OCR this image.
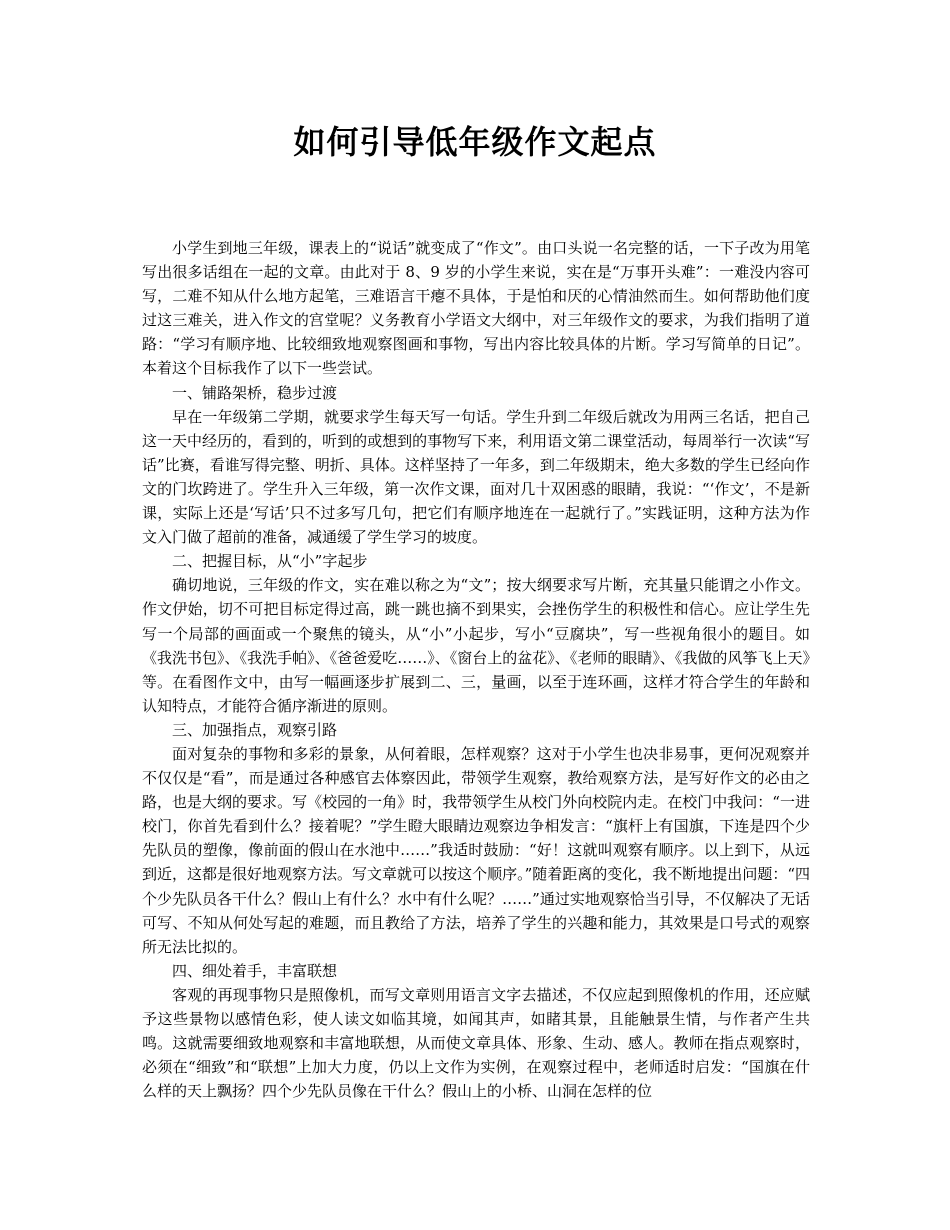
如何引导低年级作文起点

小学生到地三年级，课表上的“说话”就变成了“作文”。由口头说一名完整的话，一下子改为用笔写出很多话组在一起的文章。由此对于 8、9 岁的小学生来说，实在是“万事开头难”：一难没内容可写，二难不知从什么地方起笔，三难语言干瘪不具体，于是怕和厌的心情油然而生。如何帮助他们度过这三难关，进入作文的宫堂呢？义务教育小学语文大纲中，对三年级作文的要求，为我们指明了道路：“学习有顺序地、比较细致地观察图画和事物，写出内容比较具体的片断。学习写简单的日记”。本着这个目标我作了以下一些尝试。

一、铺路架桥，稳步过渡

早在一年级第二学期，就要求学生每天写一句话。学生升到二年级后就改为用两三名话，把自己这一天中经历的，看到的，听到的或想到的事物写下来，利用语文第二课堂活动，每周举行一次读“写话”比赛，看谁写得完整、明折、具体。这样坚持了一年多，到二年级期末，绝大多数的学生已经向作文的门坎跨进了。学生升入三年级，第一次作文课，面对几十双困惑的眼睛，我说：“‘作文’，不是新课，实际上还是‘写话’只不过多写几句，把它们有顺序地连在一起就行了。”实践证明，这种方法为作文入门做了超前的准备，减通缓了学生学习的坡度。

二、把握目标，从“小”字起步

确切地说，三年级的作文，实在难以称之为“文”；按大纲要求写片断，充其量只能谓之小作文。作文伊始，切不可把目标定得过高，跳一跳也摘不到果实，会挫伤学生的积极性和信心。应让学生先写一个局部的画面或一个聚焦的镜头，从“小”小起步，写小“豆腐块”，写一些视角很小的题目。如《我洗书包》、《我洗手帕》、《爸爸爱吃……》、《窗台上的盆花》、《老师的眼睛》、《我做的风筝飞上天》等。在看图作文中，由写一幅画逐步扩展到二、三，量画，以至于连环画，这样才符合学生的年龄和认知特点，才能符合循序渐进的原则。

三、加强指点，观察引路

面对复杂的事物和多彩的景象，从何着眼，怎样观察？这对于小学生也决非易事，更何况观察并不仅仅是“看”，而是通过各种感官去体察因此，带领学生观察，教给观察方法，是写好作文的必由之路，也是大纲的要求。写《校园的一角》时，我带领学生从校门外向校院内走。在校门中我问：“一进校门，你首先看到什么？接着呢？”学生瞪大眼睛边观察边争相发言：“旗杆上有国旗，下连是四个少先队员的塑像，像前面的假山在水池中……”我适时鼓励：“好！这就叫观察有顺序。以上到下，从远到近，这都是很好地观察方法。写文章就可以按这个顺序。”随着距离的变化，我不断地提出问题：“四个少先队员各干什么？假山上有什么？水中有什么呢？……”通过实地观察恰当引导，不仅解决了无话可写、不知从何处写起的难题，而且教给了方法，培养了学生的兴趣和能力，其效果是口号式的观察所无法比拟的。

四、细处着手，丰富联想

客观的再现事物只是照像机，而写文章则用语言文字去描述，不仅应起到照像机的作用，还应赋予这些景物以感情色彩，使人读文如临其境，如闻其声，如睹其景，且能触景生情，与作者产生共鸣。这就需要细致地观察和丰富地联想，从而使文章具体、形象、生动、感人。教师在指点观察时，必须在“细致”和“联想”上加大力度，仍以上文作为实例，在观察过程中，老师适时启发：“国旗在什么样的天上飘扬？四个少先队员像在干什么？假山上的小桥、山洞在怎样的位
